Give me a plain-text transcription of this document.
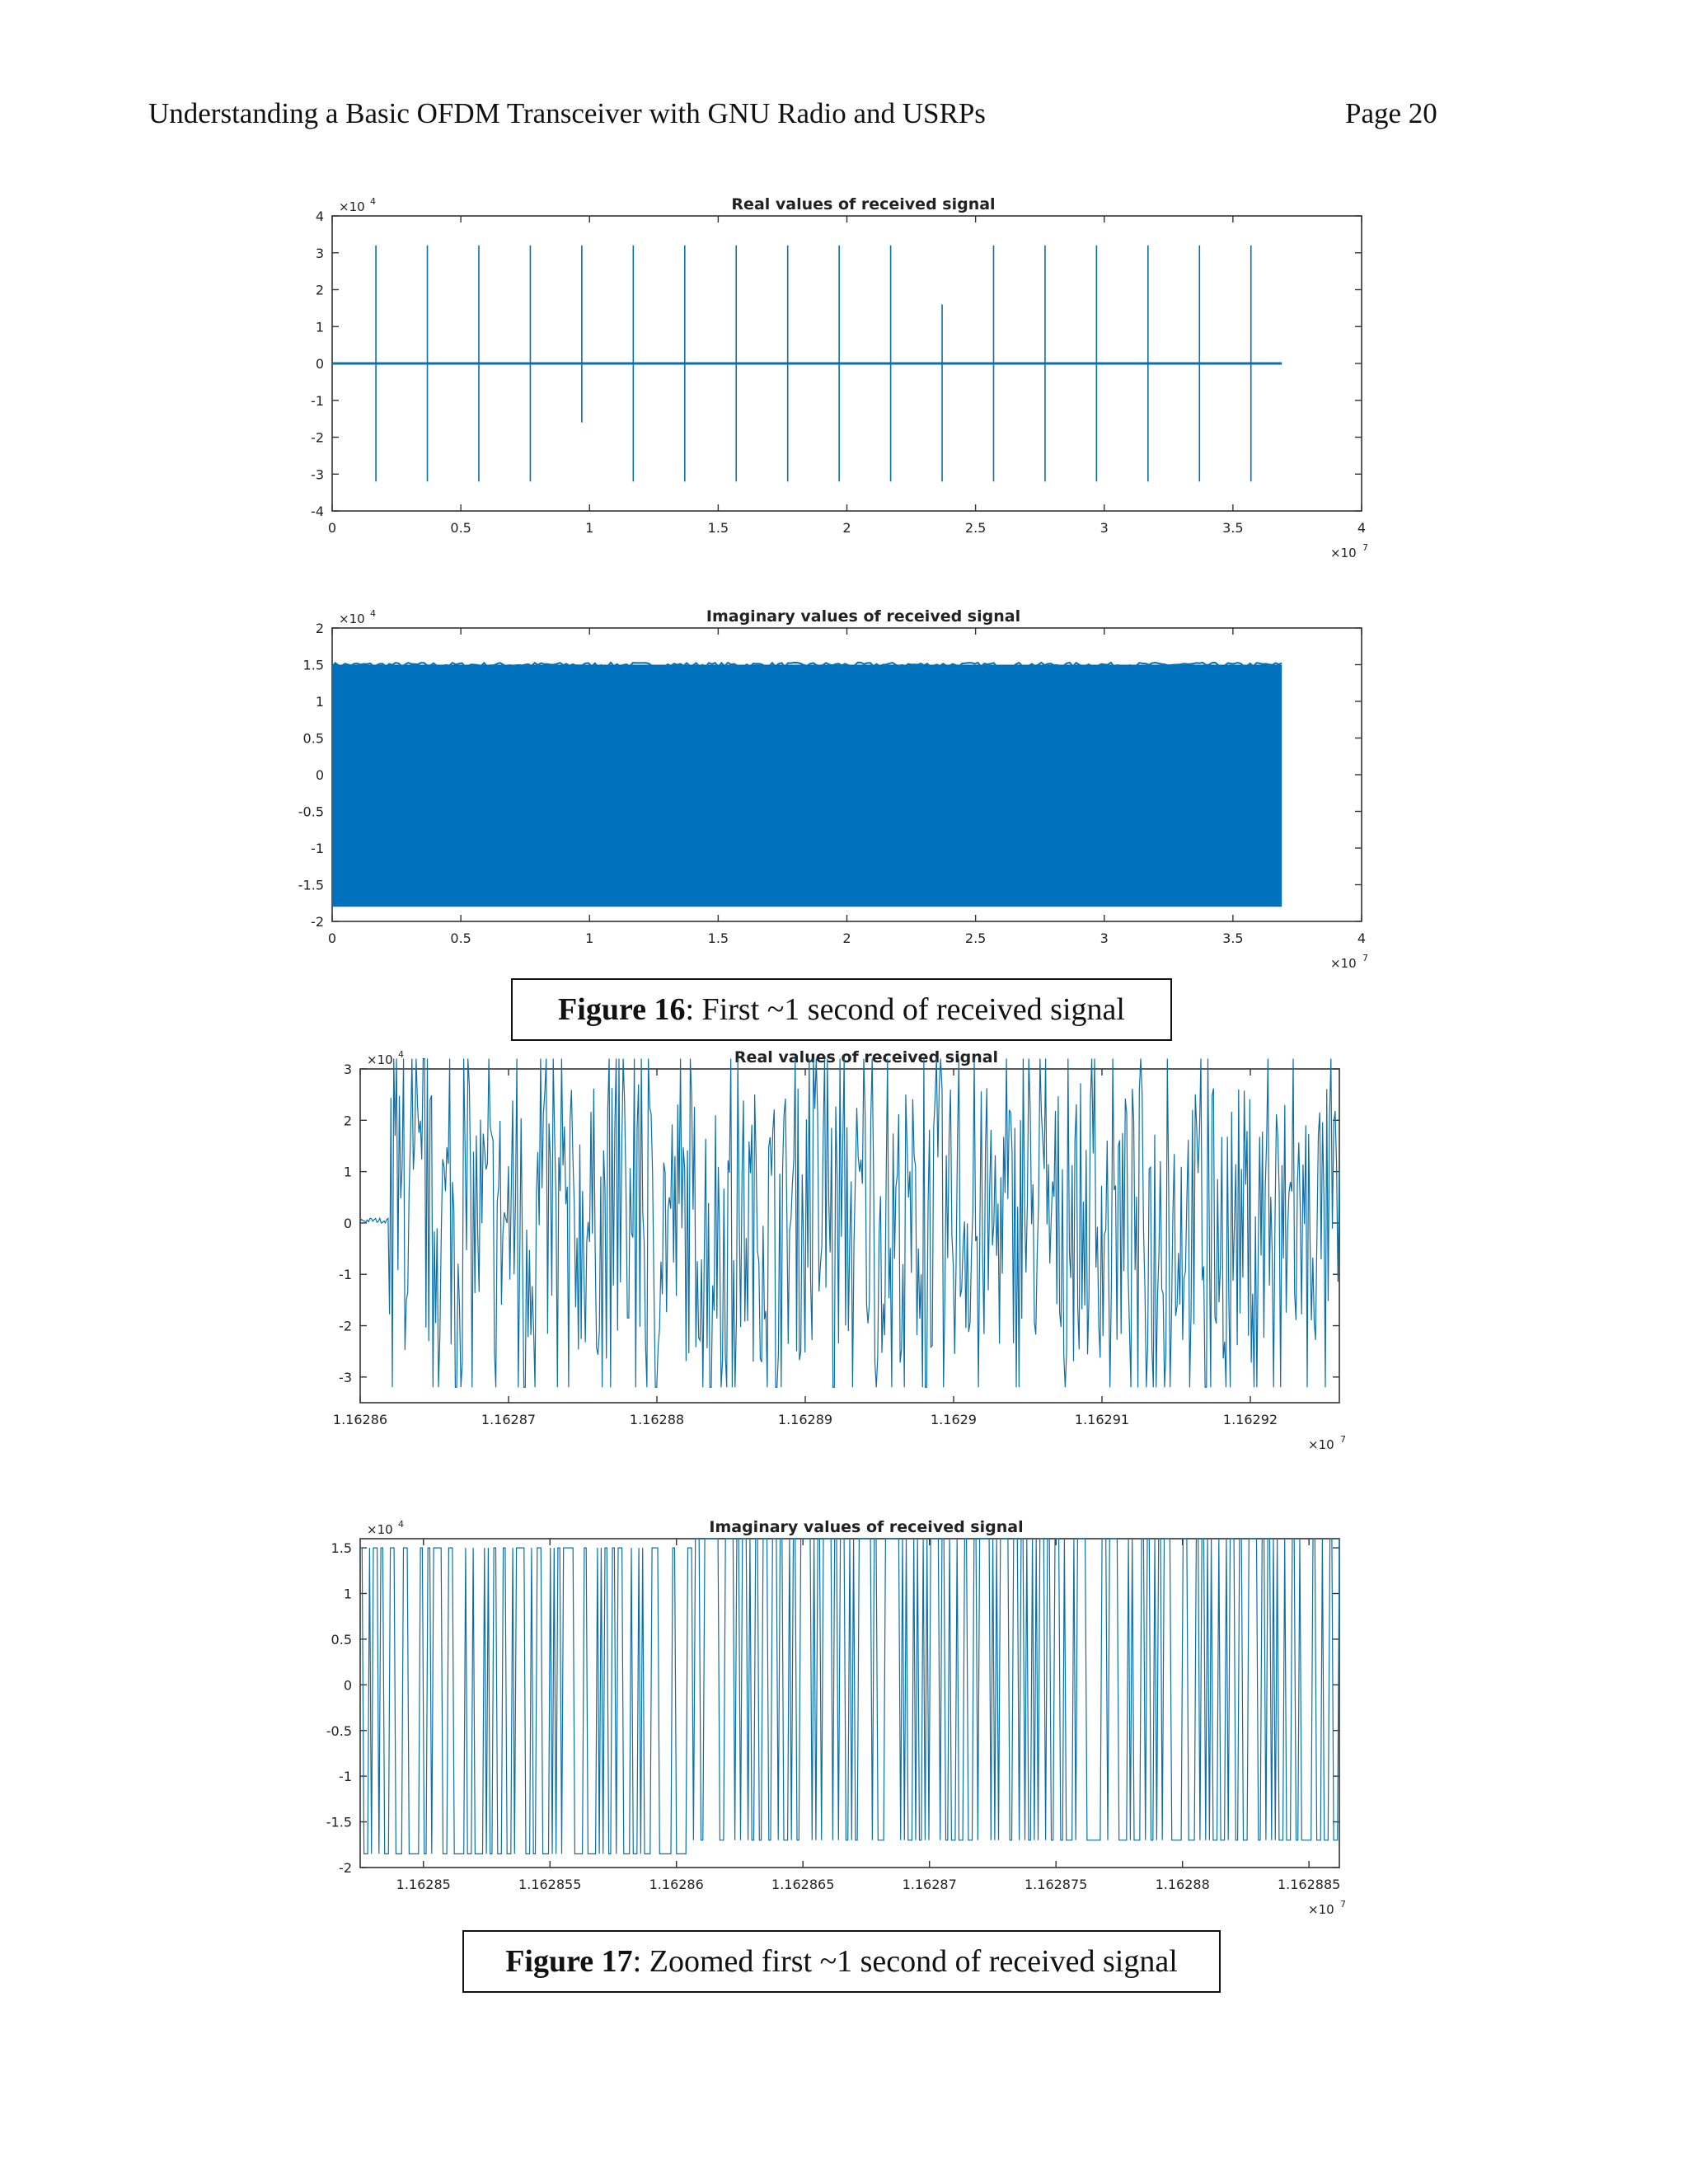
Understanding a Basic OFDM Transceiver with GNU Radio and USRPs	Page 20
Real values of received signal
0	0.5	1	1.5	2	2.5	3	3.5	4
4
3
2
1
0
-1
-2
-3
-4
×10 4
×10 7
Imaginary values of received signal
0	0.5	1	1.5	2	2.5	3	3.5	4
2
1.5
1
0.5
0
-0.5
-1
-1.5
-2
×10 4
×10 7
Figure 16 : First ~1 second of received signal
Real values of received signal
1.16286	1.16287	1.16288	1.16289	1.1629	1.16291	1.16292
3
2
1
0
-1
-2
-3
×10 4
×10 7
Imaginary values of received signal
1.16285	1.162855	1.16286	1.162865	1.16287	1.162875	1.16288	1.162885
1.5
1
0.5
0
-0.5
-1
-1.5
-2
×10 4
×10 7
Figure 17 : Zoomed first ~1 second of received signal
